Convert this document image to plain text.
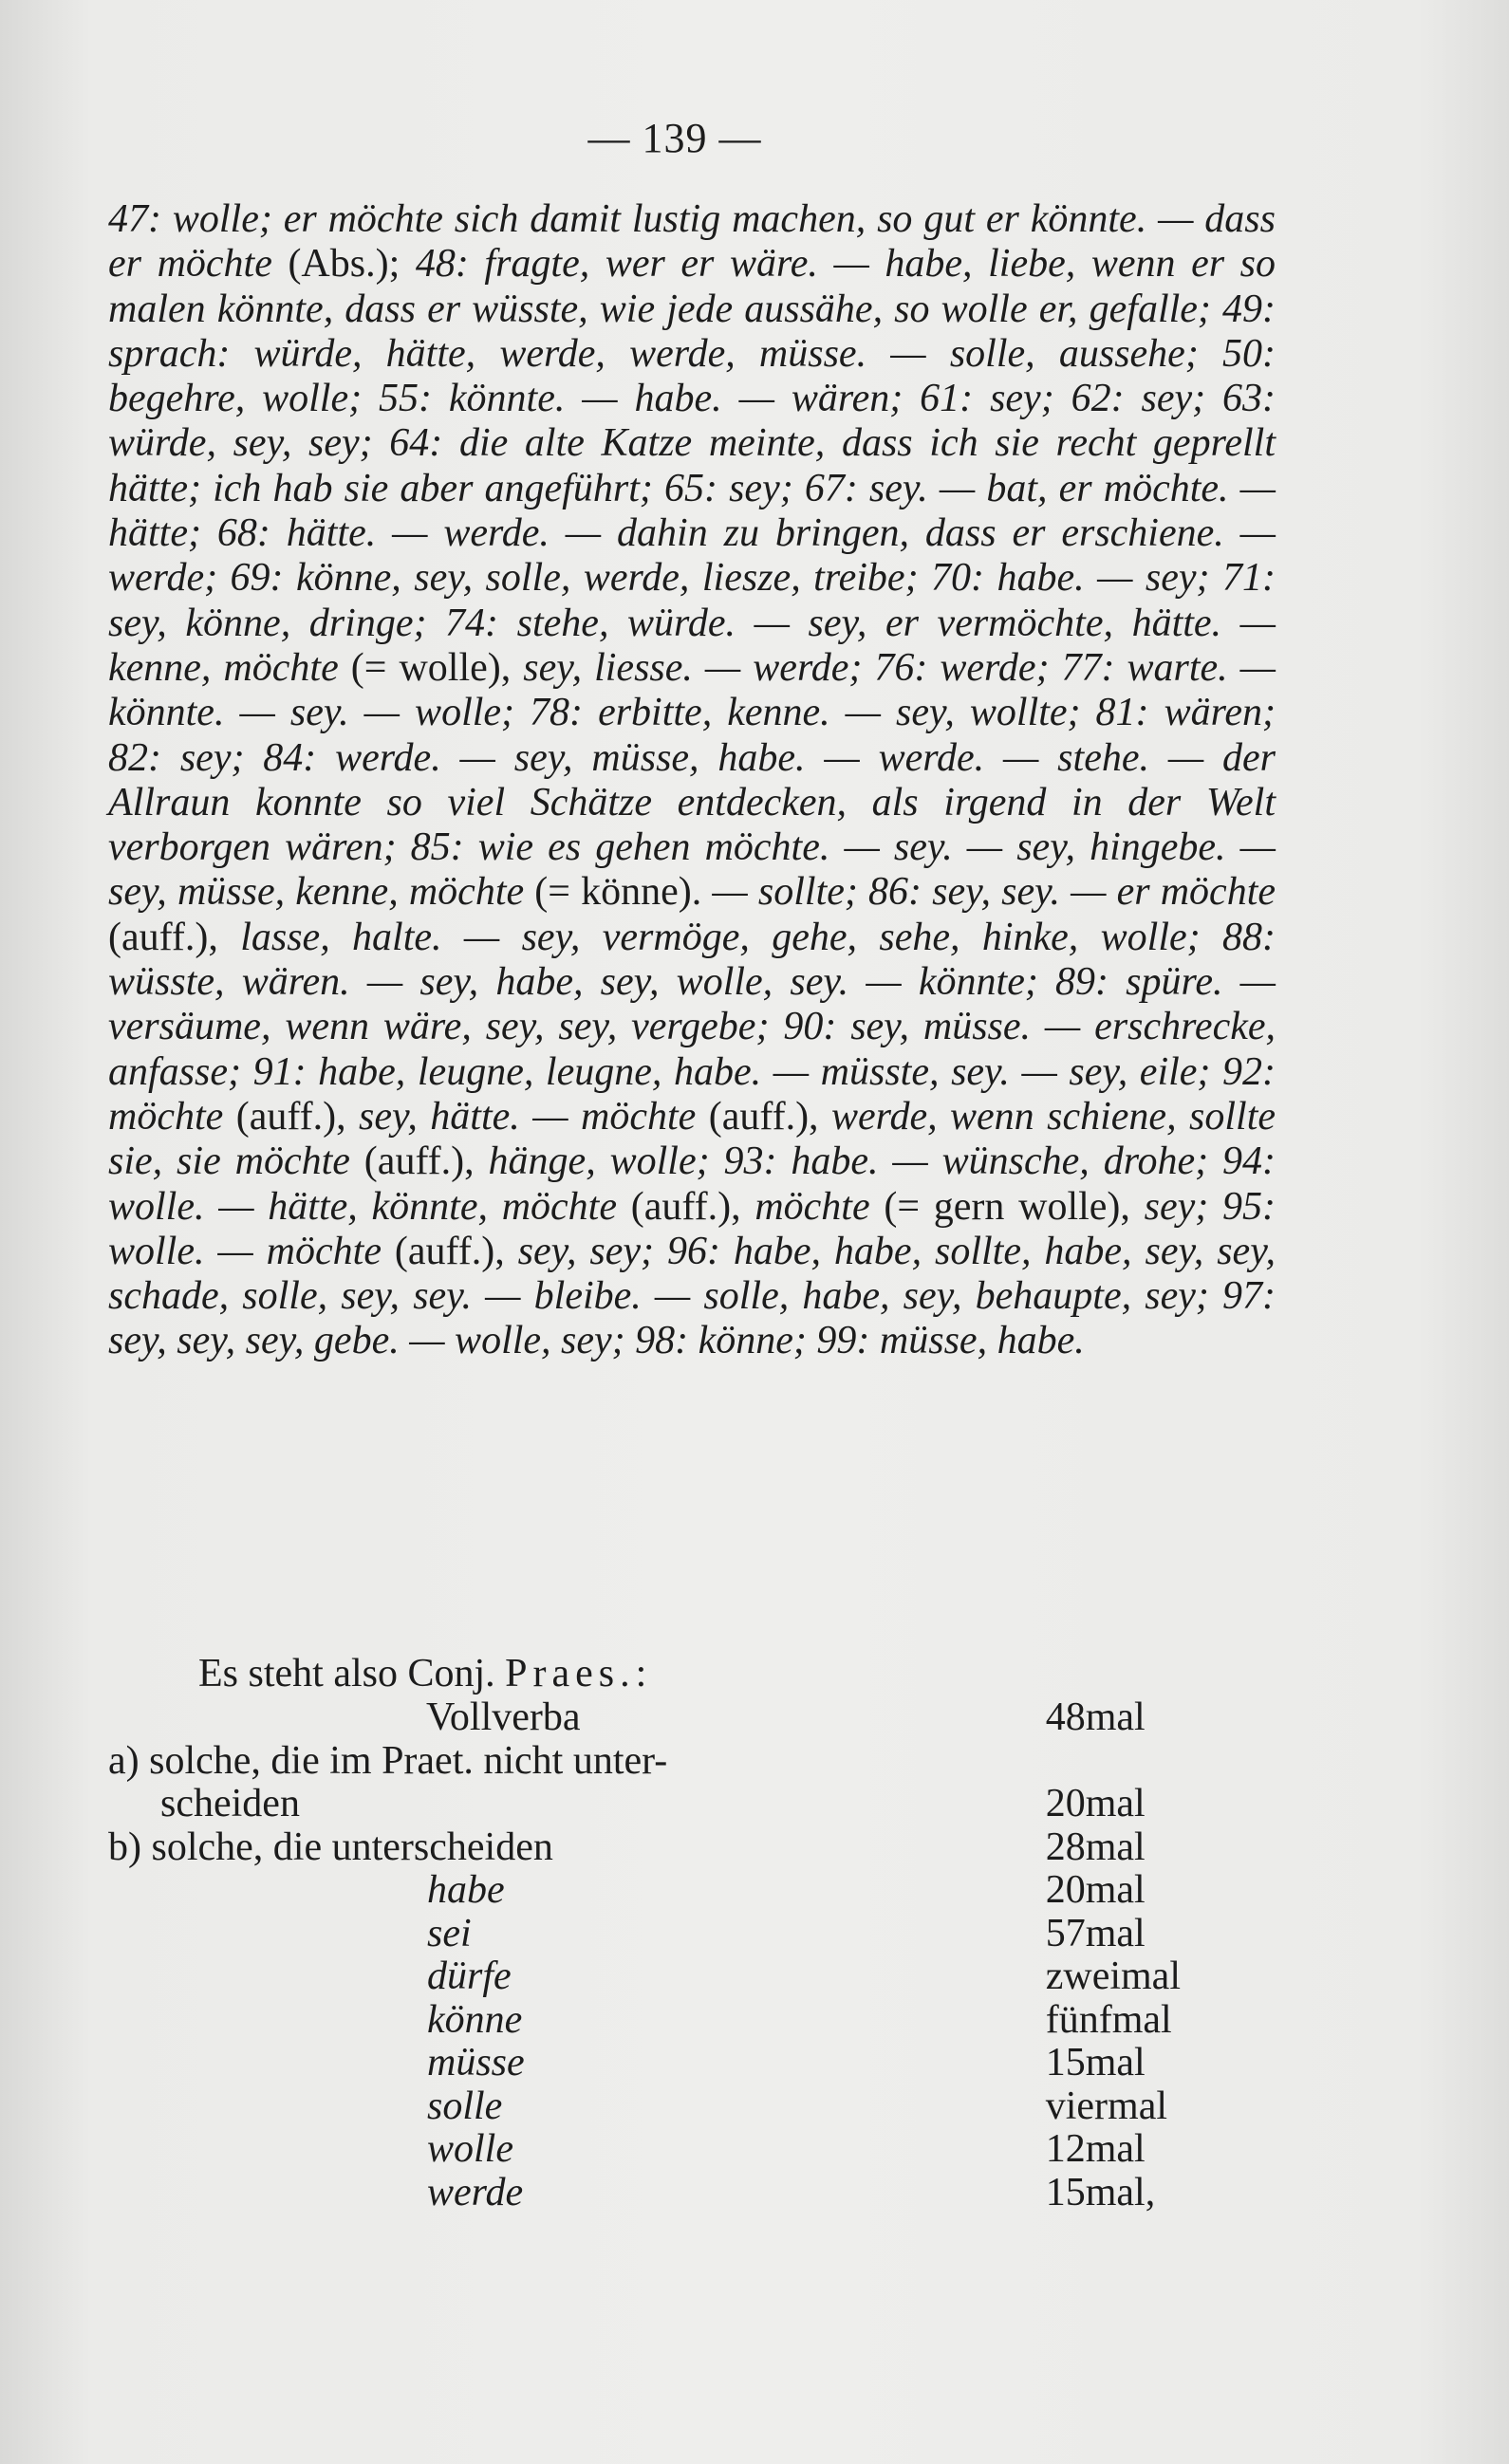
— 139 —

47: wolle; er möchte sich damit lustig machen, so gut er könnte. — dass er möchte (Abs.); 48: fragte, wer er wäre. — habe, liebe, wenn er so malen könnte, dass er wüsste, wie jede aussähe, so wolle er, gefalle; 49: sprach: würde, hätte, werde, werde, müsse. — solle, aussehe; 50: begehre, wolle; 55: könnte. — habe. — wären; 61: sey; 62: sey; 63: würde, sey, sey; 64: die alte Katze meinte, dass ich sie recht geprellt hätte; ich hab sie aber angeführt; 65: sey; 67: sey. — bat, er möchte. — hätte; 68: hätte. — werde. — dahin zu bringen, dass er erschiene. — werde; 69: könne, sey, solle, werde, liesze, treibe; 70: habe. — sey; 71: sey, könne, dringe; 74: stehe, würde. — sey, er vermöchte, hätte. — kenne, möchte (= wolle), sey, liesse. — werde; 76: werde; 77: warte. — könnte. — sey. — wolle; 78: erbitte, kenne. — sey, wollte; 81: wären; 82: sey; 84: werde. — sey, müsse, habe. — werde. — stehe. — der Allraun konnte so viel Schätze entdecken, als irgend in der Welt verborgen wären; 85: wie es gehen möchte. — sey. — sey, hingebe. — sey, müsse, kenne, möchte (= könne). — sollte; 86: sey, sey. — er möchte (auff.), lasse, halte. — sey, vermöge, gehe, sehe, hinke, wolle; 88: wüsste, wären. — sey, habe, sey, wolle, sey. — könnte; 89: spüre. — versäume, wenn wäre, sey, sey, vergebe; 90: sey, müsse. — erschrecke, anfasse; 91: habe, leugne, leugne, habe. — müsste, sey. — sey, eile; 92: möchte (auff.), sey, hätte. — möchte (auff.), werde, wenn schiene, sollte sie, sie möchte (auff.), hänge, wolle; 93: habe. — wünsche, drohe; 94: wolle. — hätte, könnte, möchte (auff.), möchte (= gern wolle), sey; 95: wolle. — möchte (auff.), sey, sey; 96: habe, habe, sollte, habe, sey, sey, schade, solle, sey, sey. — bleibe. — solle, habe, sey, behaupte, sey; 97: sey, sey, sey, gebe. — wolle, sey; 98: könne; 99: müsse, habe.

Es steht also Conj. Praes.:
Vollverba	48mal
a) solche, die im Praet. nicht unter-	
scheiden	20mal
b) solche, die unterscheiden	28mal
habe	20mal
sei	57mal
dürfe	zweimal
könne	fünfmal
müsse	15mal
solle	viermal
wolle	12mal
werde	15mal,
